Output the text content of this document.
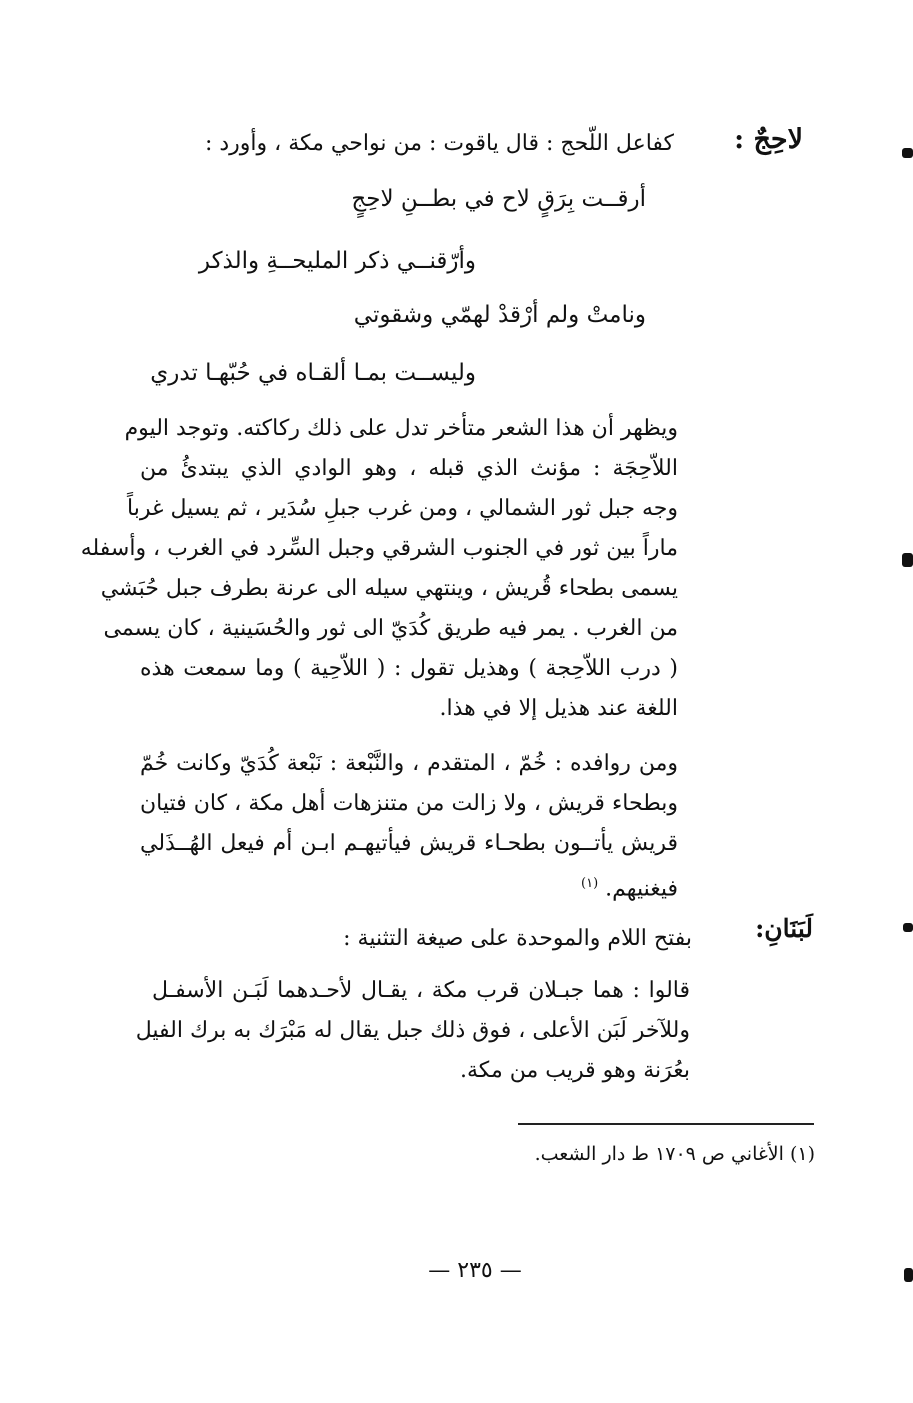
لاحِجٌ :
كفاعل اللّحج : قال ياقوت : من نواحي مكة ، وأورد :
أرقــت بِرَقٍ لاح في بطــنِ لاحِجٍ
وأرّقنــي ذكر المليحــةِ والذكر
ونامتْ ولم أرْقدْ لهمّي وشقوتي
وليســت بمـا ألقـاه في حُبّهـا تدري
ويظهر أن هذا الشعر متأخر تدل على ذلك ركاكته. وتوجد اليوم
اللاّحِجَة : مؤنث الذي قبله ، وهو الوادي الذي يبتدئُ من
وجه جبل ثور الشمالي ، ومن غرب جبلِ سُدَير ، ثم يسيل غرباً
ماراً بين ثور في الجنوب الشرقي وجبل السِّرد في الغرب ، وأسفله
يسمى بطحاء قُريش ، وينتهي سيله الى عرنة بطرف جبل حُبَشي
من الغرب . يمر فيه طريق كُدَيّ الى ثور والحُسَينية ، كان يسمى
( درب اللاّحِجة ) وهذيل تقول : ( اللاّحِية ) وما سمعت هذه
اللغة عند هذيل إلا في هذا.
ومن روافده : خُمّ ، المتقدم ، والنَّبْعة : نَبْعة كُدَيّ وكانت خُمّ
وبطحاء قريش ، ولا زالت من متنزهات أهل مكة ، كان فتيان
قريش يأتــون بطحـاء قريش فيأتيهـم ابـن أم فيعل الهُــذَلي
فيغنيهم. $^{(١)}$
لَبَنَانِ:
بفتح اللام والموحدة على صيغة التثنية :
قالوا : هما جبـلان قرب مكة ، يقـال لأحـدهما لَبَـن الأسفـل
وللآخر لَبَن الأعلى ، فوق ذلك جبل يقال له مَبْرَك به برك الفيل
بعُرَنة وهو قريب من مكة.
(١) الأغاني ص ١٧٠٩ ط دار الشعب.
— ٢٣٥ —
